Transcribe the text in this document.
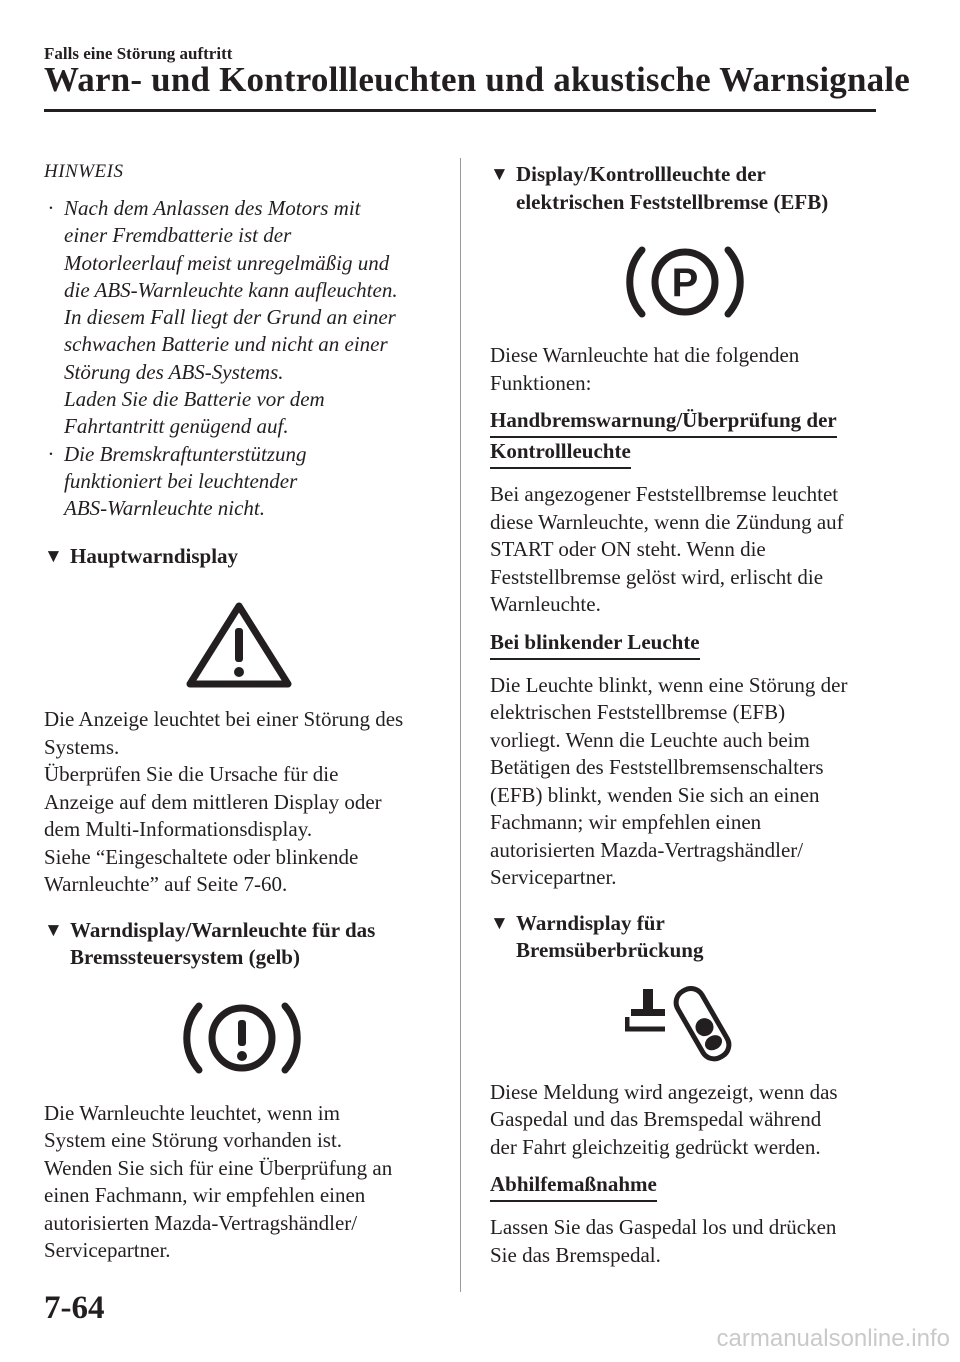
Falls eine Störung auftritt
Warn- und Kontrollleuchten und akustische Warnsignale
HINWEIS
· Nach dem Anlassen des Motors mit
einer Fremdbatterie ist der
Motorleerlauf meist unregelmäßig und
die ABS-Warnleuchte kann aufleuchten.
In diesem Fall liegt der Grund an einer
schwachen Batterie und nicht an einer
Störung des ABS-Systems.
Laden Sie die Batterie vor dem
Fahrtantritt genügend auf.
· Die Bremskraftunterstützung
funktioniert bei leuchtender
ABS-Warnleuchte nicht.
▼ Hauptwarndisplay

Die Anzeige leuchtet bei einer Störung des

Systems.

Überprüfen Sie die Ursache für die

Anzeige auf dem mittleren Display oder

dem Multi-Informationsdisplay.

Siehe “Eingeschaltete oder blinkende

Warnleuchte” auf Seite 7-60.

▼ Warndisplay/Warnleuchte für das
Bremssteuersystem (gelb)

Die Warnleuchte leuchtet, wenn im

System eine Störung vorhanden ist.

Wenden Sie sich für eine Überprüfung an

einen Fachmann, wir empfehlen einen

autorisierten Mazda-Vertragshändler/

Servicepartner.

▼ Display/Kontrollleuchte der
elektrischen Feststellbremse (EFB)
P

Diese Warnleuchte hat die folgenden

Funktionen:

Handbremswarnung/Überprüfung der
Kontrollleuchte

Bei angezogener Feststellbremse leuchtet

diese Warnleuchte, wenn die Zündung auf

START oder ON steht. Wenn die

Feststellbremse gelöst wird, erlischt die

Warnleuchte.

Bei blinkender Leuchte

Die Leuchte blinkt, wenn eine Störung der

elektrischen Feststellbremse (EFB)

vorliegt. Wenn die Leuchte auch beim

Betätigen des Feststellbremsenschalters

(EFB) blinkt, wenden Sie sich an einen

Fachmann; wir empfehlen einen

autorisierten Mazda-Vertragshändler/

Servicepartner.

▼ Warndisplay für
Bremsüberbrückung

Diese Meldung wird angezeigt, wenn das

Gaspedal und das Bremspedal während

der Fahrt gleichzeitig gedrückt werden.

Abhilfemaßnahme

Lassen Sie das Gaspedal los und drücken

Sie das Bremspedal.

7-64
carmanualsonline.info
